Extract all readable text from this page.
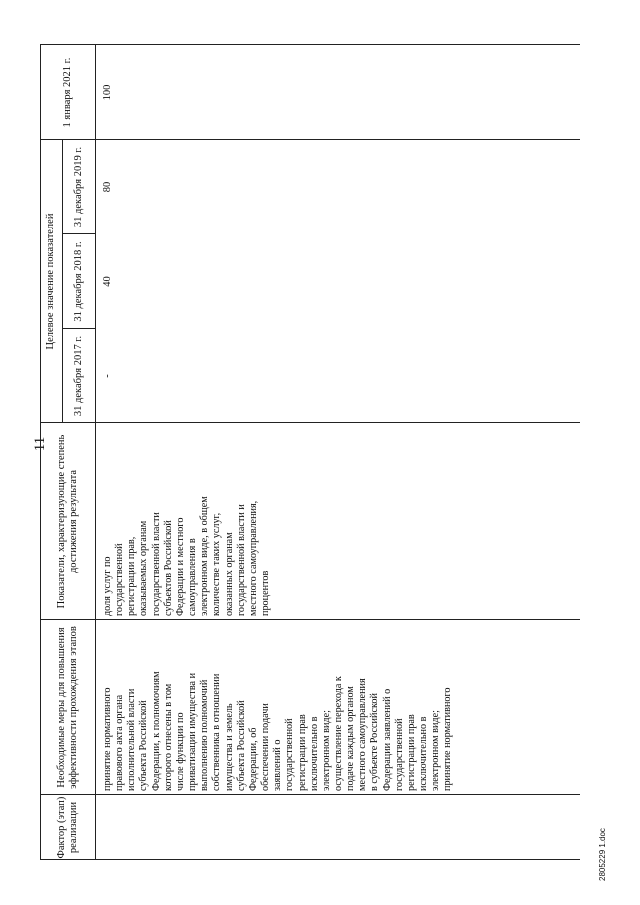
11
2805229 1.doc
принятие нормативного
правового акта органа
исполнительной власти
субъекта Российской
Федерации, к полномочиям
которого отнесены в том
числе функции по
приватизации имущества и
выполнению полномочий
собственника в отношении
имущества и земель
субъекта Российской
Федерации, об
обеспечении подачи
заявлений о
государственной
регистрации прав
исключительно в
электронном виде;
осуществление перехода к
подаче каждым органом
местного самоуправления
в субъекте Российской
Федерации заявлений о
государственной
регистрации прав
исключительно в
электронном виде;
принятие нормативного
доля услуг по
государственной
регистрации прав,
оказываемых органам
государственной власти
субъектов Российской
Федерации и местного
самоуправления в
электронном виде, в общем
количестве таких услуг,
оказанных органам
государственной власти и
местного самоуправления,
процентов
Фактор (этап) реализации
Необходимые меры для повышения эффективности прохождения этапов
Показатели, характеризующие степень достижения результата
Целевое значение показателей
31 декабря 2017 г.
31 декабря 2018 г.
31 декабря 2019 г.
1 января 2021 г.
-
40
80
100
